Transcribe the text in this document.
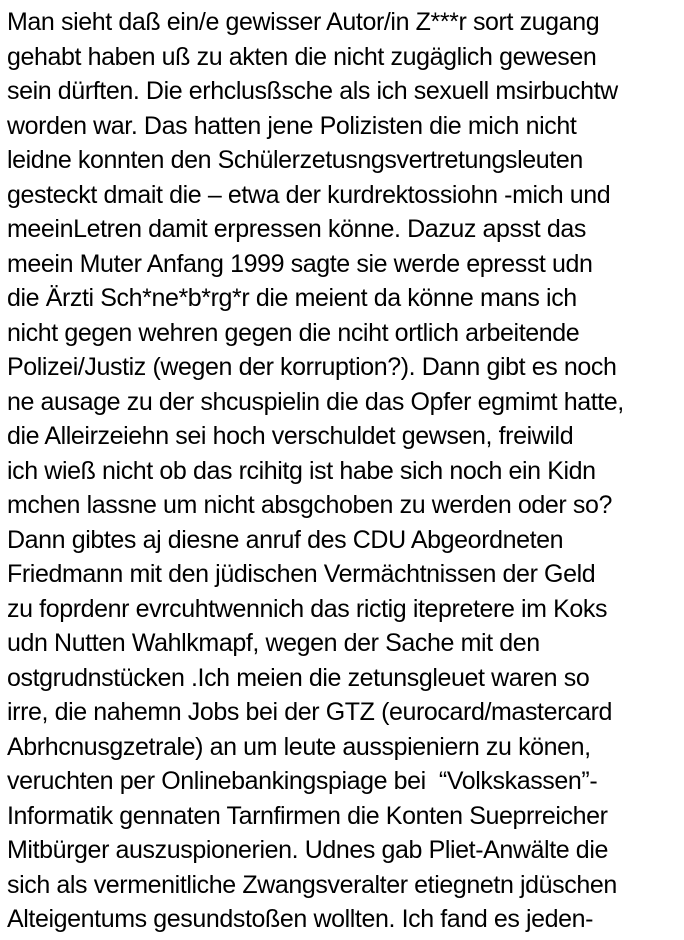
Man sieht daß ein/e gewisser Autor/in Z***r sort zugang
gehabt haben uß zu akten die nicht zugäglich gewesen
sein dürften. Die erhclusßsche als ich sexuell msirbuchtw
worden war. Das hatten jene Polizisten die mich nicht
leidne konnten den Schülerzetusngsvertretungsleuten
gesteckt dmait die – etwa der kurdrektossiohn -mich und
meeinLetren damit erpressen könne. Dazuz apsst das
meein Muter Anfang 1999 sagte sie werde epresst udn
die Ärzti Sch*ne*b*rg*r die meient da könne mans ich
nicht gegen wehren gegen die nciht ortlich arbeitende
Polizei/Justiz (wegen der korruption?). Dann gibt es noch
ne ausage zu der shcuspielin die das Opfer egmimt hatte,
die Alleirzeiehn sei hoch verschuldet gewsen, freiwild
ich wieß nicht ob das rcihitg ist habe sich noch ein Kidn
mchen lassne um nicht absgchoben zu werden oder so?
Dann gibtes aj diesne anruf des CDU Abgeordneten
Friedmann mit den jüdischen Vermächtnissen der Geld
zu foprdenr evrcuhtwennich das rictig itepretere im Koks
udn Nutten Wahlkmapf, wegen der Sache mit den
ostgrudnstücken .Ich meien die zetunsgleuet waren so
irre, die nahemn Jobs bei der GTZ (eurocard/mastercard
Abrhcnusgzetrale) an um leute ausspieniern zu könen,
veruchten per Onlinebankingspiage bei  “Volkskassen”-
Informatik gennaten Tarnfirmen die Konten Sueprreicher
Mitbürger auszuspionerien. Udnes gab Pliet-Anwälte die
sich als vermenitliche Zwangsveralter etiegnetn jdüschen
Alteigentums gesundstoßen wollten. Ich fand es jeden-
